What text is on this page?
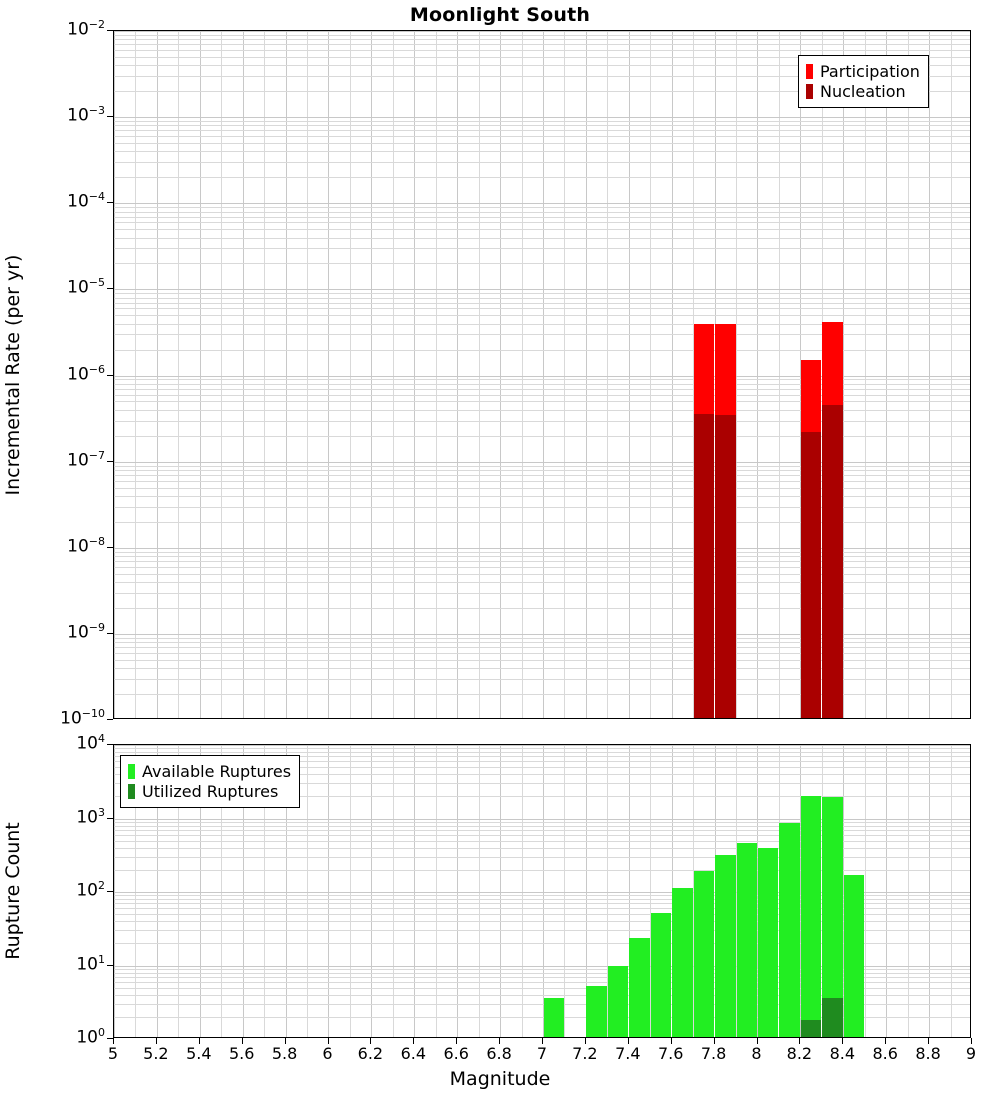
Moonlight South
$10^{-2}$
$10^{-3}$
$10^{-4}$
$10^{-5}$
$10^{-6}$
$10^{-7}$
$10^{-8}$
$10^{-9}$
$10^{-10}$
Incremental Rate (per yr)
Participation
Nucleation
$10^4$
$10^3$
$10^2$
$10^1$
$10^0$
Rupture Count
Available Ruptures
Utilized Ruptures
5	5.2	5.4	5.6	5.8	6	6.2	6.4	6.6	6.8	7	7.2	7.4	7.6	7.8	8	8.2	8.4	8.6	8.8	9
Magnitude
